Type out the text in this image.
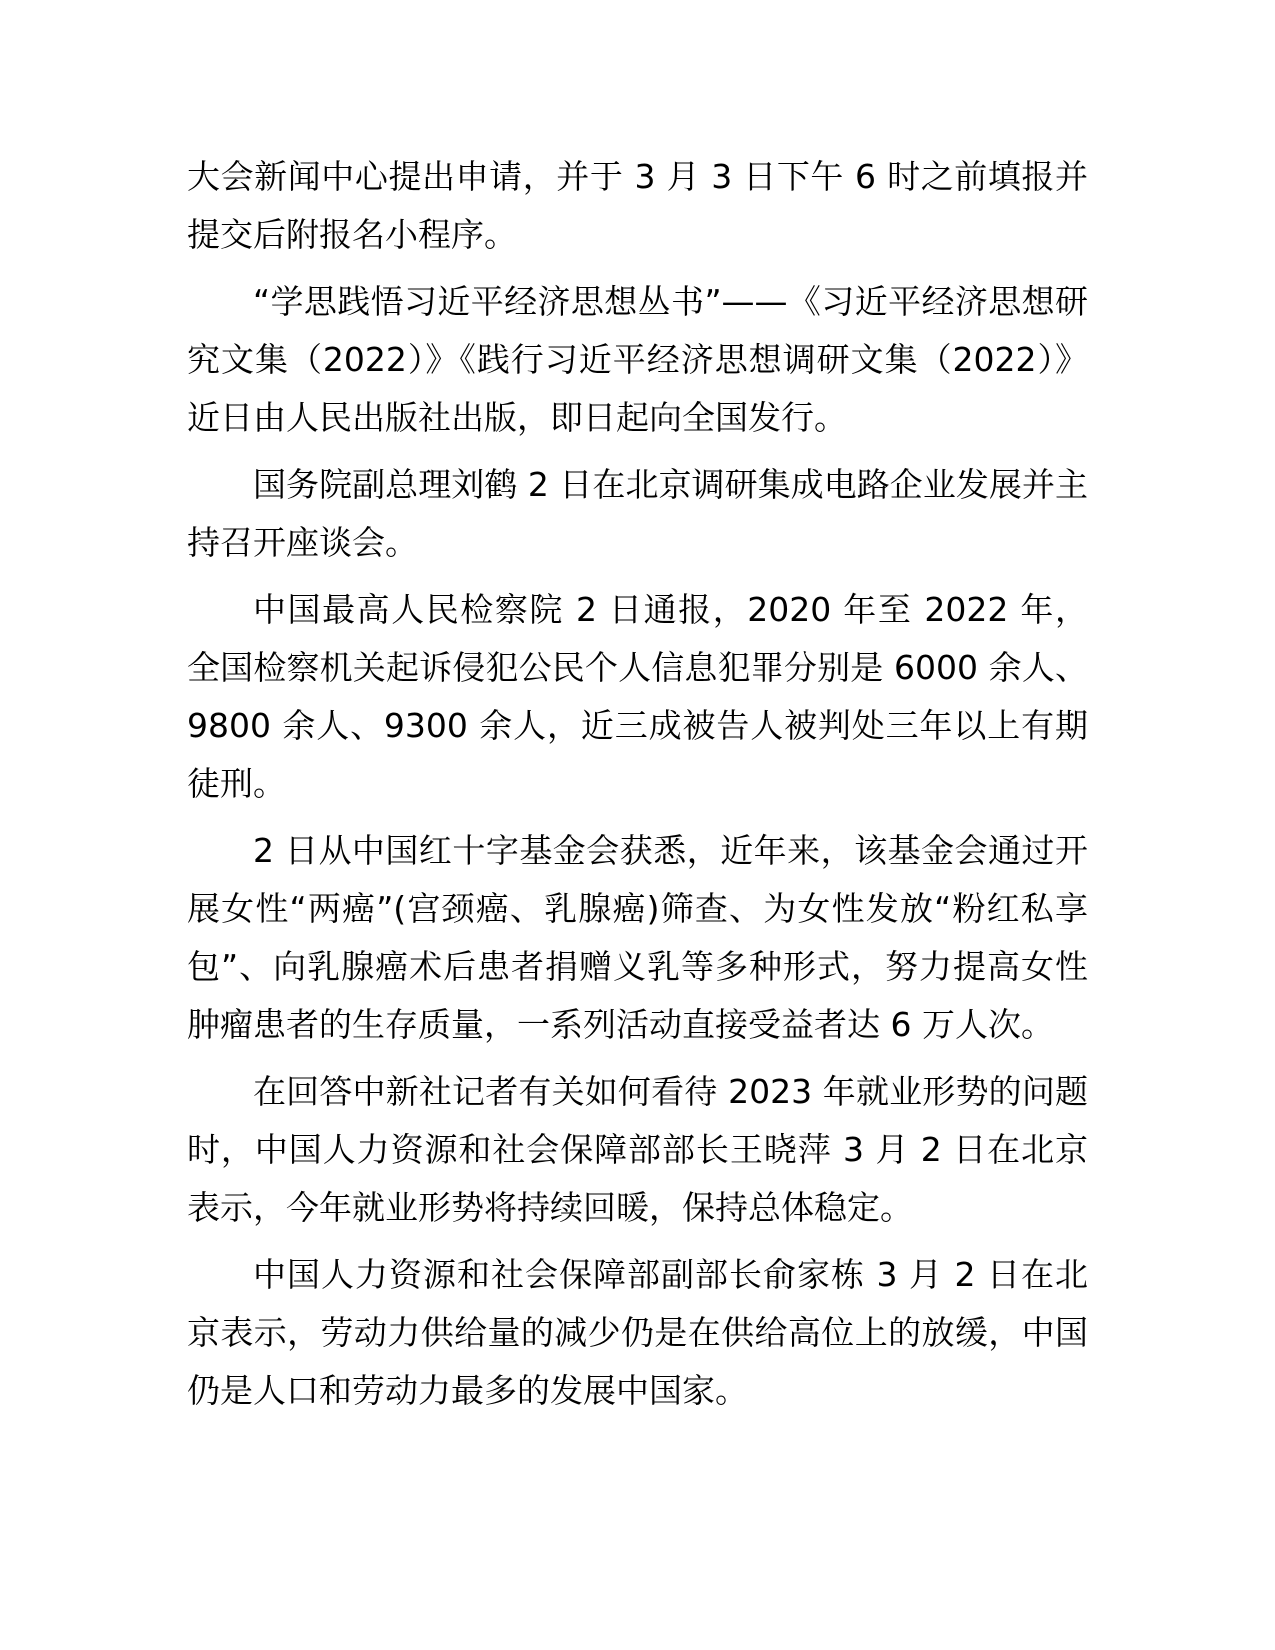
大会新闻中心提出申请，并于 3 月 3 日下午 6 时之前填报并提交后附报名小程序。

“学思践悟习近平经济思想丛书”——《习近平经济思想研究文集（2022）》《践行习近平经济思想调研文集（2022）》近日由人民出版社出版，即日起向全国发行。

国务院副总理刘鹤 2 日在北京调研集成电路企业发展并主持召开座谈会。

中国最高人民检察院 2 日通报，2020 年至 2022 年，全国检察机关起诉侵犯公民个人信息犯罪分别是 6000 余人、9800 余人、9300 余人，近三成被告人被判处三年以上有期徒刑。

2 日从中国红十字基金会获悉，近年来，该基金会通过开展女性“两癌”(宫颈癌、乳腺癌)筛查、为女性发放“粉红私享包”、向乳腺癌术后患者捐赠义乳等多种形式，努力提高女性肿瘤患者的生存质量，一系列活动直接受益者达 6 万人次。

在回答中新社记者有关如何看待 2023 年就业形势的问题时，中国人力资源和社会保障部部长王晓萍 3 月 2 日在北京表示，今年就业形势将持续回暖，保持总体稳定。

中国人力资源和社会保障部副部长俞家栋 3 月 2 日在北京表示，劳动力供给量的减少仍是在供给高位上的放缓，中国仍是人口和劳动力最多的发展中国家。
